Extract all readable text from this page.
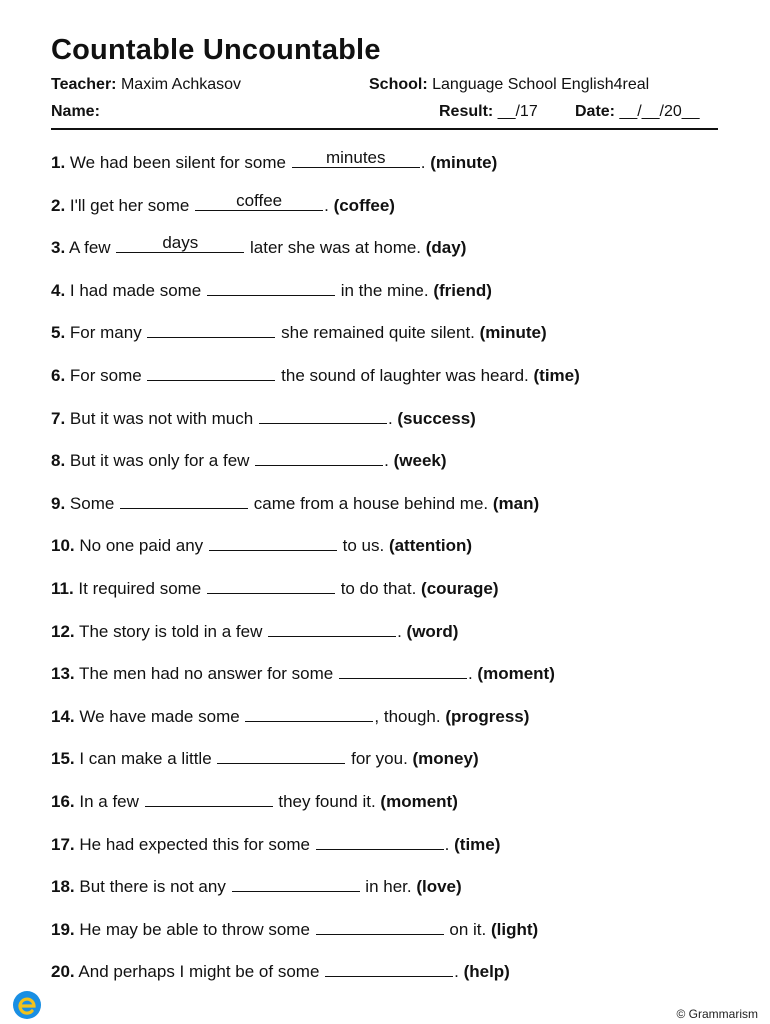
Countable Uncountable
Teacher: Maxim Achkasov	School: Language School English4real
Name:	Result: __/17 Date: __/__/20__
1. We had been silent for some	minutes	. (minute)
2. I'll get her some	coffee	. (coffee)
3. A few	days	later she was at home. (day)
4. I had made some	in the mine. (friend)
5. For many	she remained quite silent. (minute)
6. For some	the sound of laughter was heard. (time)
7. But it was not with much	. (success)
8. But it was only for a few	. (week)
9. Some	came from a house behind me. (man)
10. No one paid any	to us. (attention)
11. It required some	to do that. (courage)
12. The story is told in a few	. (word)
13. The men had no answer for some	. (moment)
14. We have made some	, though. (progress)
15. I can make a little	for you. (money)
16. In a few	they found it. (moment)
17. He had expected this for some	. (time)
18. But there is not any	in her. (love)
19. He may be able to throw some	on it. (light)
20. And perhaps I might be of some	. (help)
© Grammarism
